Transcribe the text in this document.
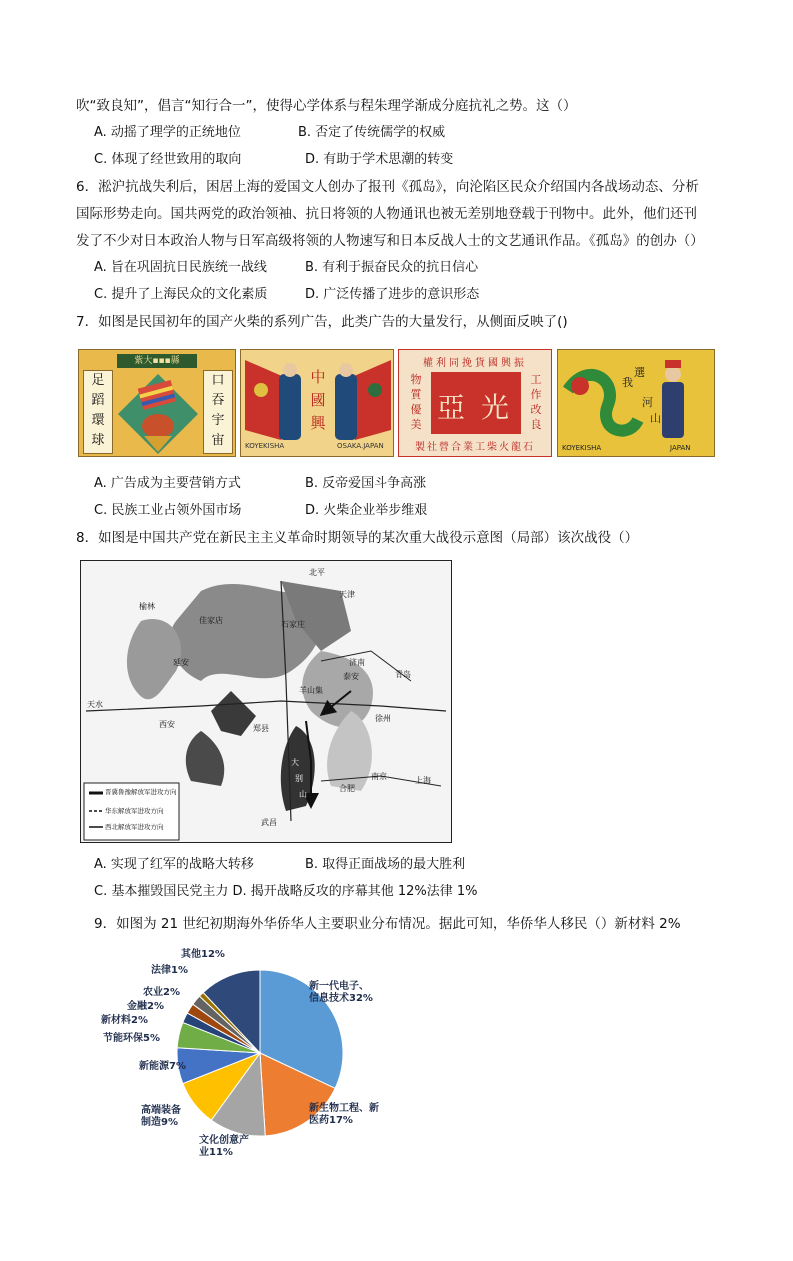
吹“致良知”，倡言“知行合一”，使得心学体系与程朱理学渐成分庭抗礼之势。这（）
A. 动摇了理学的正统地位	B. 否定了传统儒学的权威
C. 体现了经世致用的取向	D. 有助于学术思潮的转变
6．淞沪抗战失利后，困居上海的爱国文人创办了报刊《孤岛》，向沦陷区民众介绍国内各战场动态、分析
国际形势走向。国共两党的政治领袖、抗日将领的人物通讯也被无差别地登载于刊物中。此外，他们还刊
发了不少对日本政治人物与日军高级将领的人物速写和日本反战人士的文艺通讯作品。《孤岛》的创办（）
A. 旨在巩固抗日民族统一战线	B. 有利于振奋民众的抗日信心
C. 提升了上海民众的文化素质	D. 广泛传播了进步的意识形态
7．如图是民国初年的国产火柴的系列广告，此类广告的大量发行，从侧面反映了()
紫大▪▪▪縣
足
蹈
環
球
口
吞
宇
宙
中
國
興
KOYEKISHA	OSAKA.JAPAN
權利同挽貨國興振
物
質
優
美
亞 光
工
作
改
良
製社營合業工柴火龍石
選
我
河
山
KOYEKISHA	JAPAN
A. 广告成为主要营销方式	B. 反帝爱国斗争高涨
C. 民族工业占领外国市场	D. 火柴企业举步维艰
8．如图是中国共产党在新民主主义革命时期领导的某次重大战役示意图（局部）该次战役（）
北平
天津
榆林
石家庄
佳家店
延安	济南
泰安	青岛
天水
西安	郑县
羊山集
徐州
大
别
山
合肥
南京	上海
武昌
晋冀鲁豫解放军进攻方向
华东解放军进攻方向
西北解放军进攻方向
A. 实现了红军的战略大转移	B. 取得正面战场的最大胜利
C. 基本摧毁国民党主力 D. 揭开战略反攻的序幕其他 12%法律 1%
9．如图为 21 世纪初期海外华侨华人主要职业分布情况。据此可知，华侨华人移民（）新材料 2%
新一代电子、信息技术32%
新生物工程、新医药17%
文化创意产业11%
高端装备制造9%
新能源7%
节能环保5%
新材料2%
金融2%
农业2%
法律1%
其他12%
